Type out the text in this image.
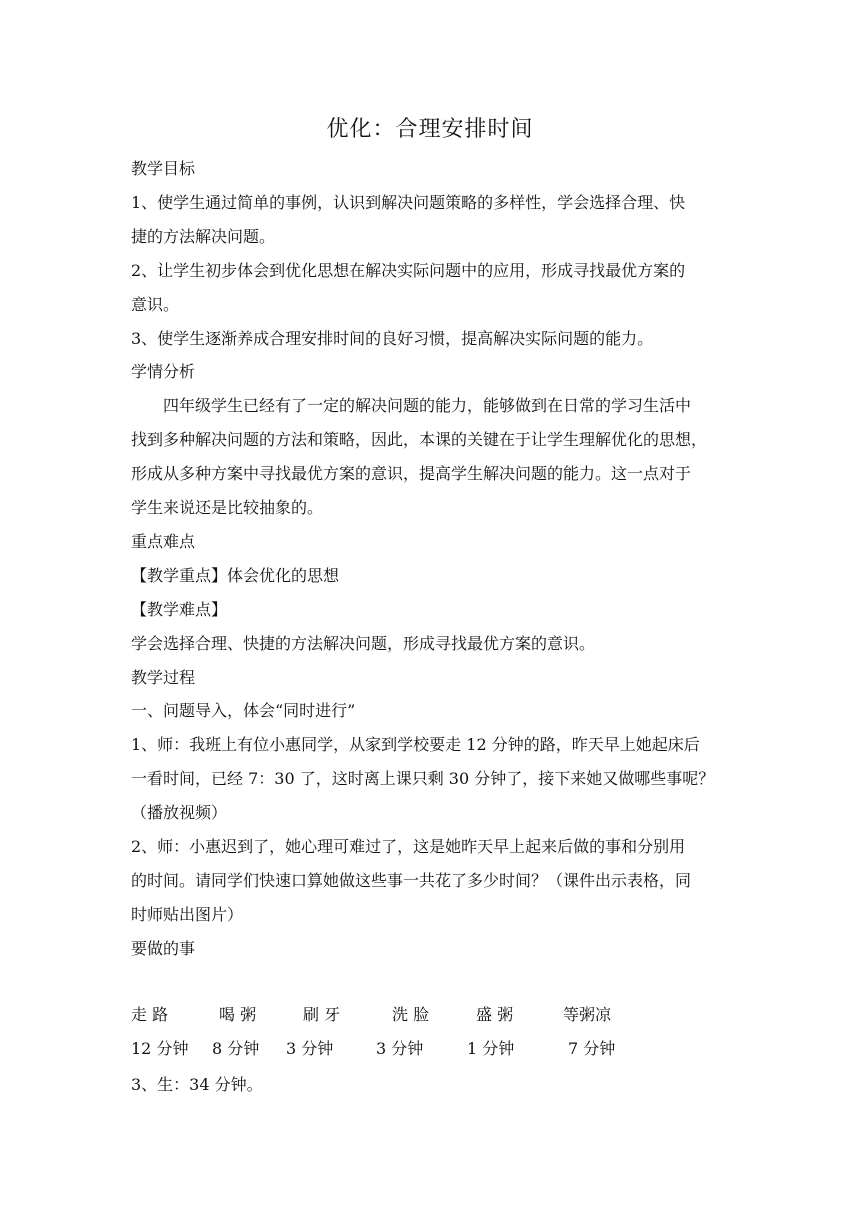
优化：合理安排时间
教学目标
1、使学生通过简单的事例，认识到解决问题策略的多样性，学会选择合理、快
捷的方法解决问题。
2、让学生初步体会到优化思想在解决实际问题中的应用，形成寻找最优方案的
意识。
3、使学生逐渐养成合理安排时间的良好习惯，提高解决实际问题的能力。
学情分析
四年级学生已经有了一定的解决问题的能力，能够做到在日常的学习生活中
找到多种解决问题的方法和策略，因此，本课的关键在于让学生理解优化的思想，
形成从多种方案中寻找最优方案的意识，提高学生解决问题的能力。这一点对于
学生来说还是比较抽象的。
重点难点
【教学重点】体会优化的思想
【教学难点】
学会选择合理、快捷的方法解决问题，形成寻找最优方案的意识。
教学过程
一、问题导入，体会“同时进行”
1、师：我班上有位小惠同学，从家到学校要走 12 分钟的路，昨天早上她起床后
一看时间，已经 7：30 了，这时离上课只剩 30 分钟了，接下来她又做哪些事呢？
（播放视频）
2、师：小惠迟到了，她心理可难过了，这是她昨天早上起来后做的事和分别用
的时间。请同学们快速口算她做这些事一共花了多少时间？（课件出示表格，同
时师贴出图片）
要做的事
走 路	喝 粥	刷 牙	洗 脸	盛 粥	等粥凉
12 分钟 8 分钟 3 分钟	3 分钟	1 分钟	7 分钟
3、生：34 分钟。
